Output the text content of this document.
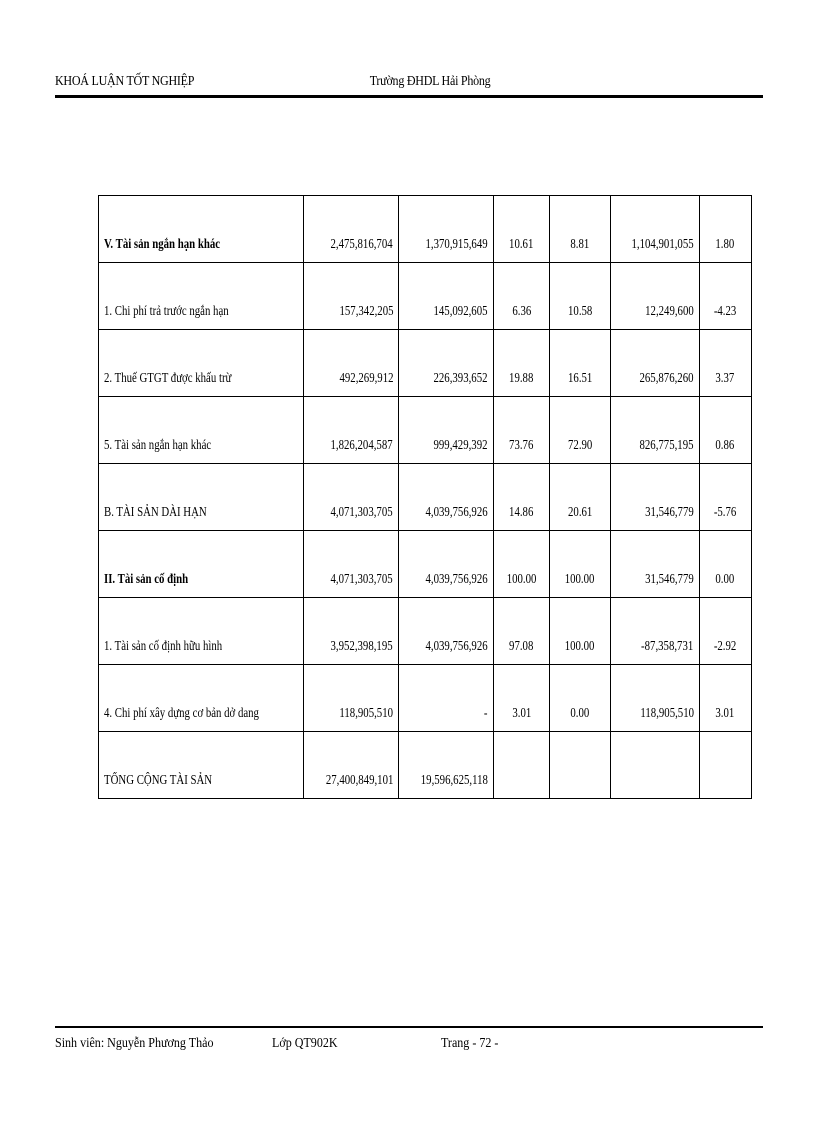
KHOÁ LUẬN TỐT NGHIỆP	Trường ĐHDL Hải Phòng
V. Tài sản ngắn hạn khác	2,475,816,704	1,370,915,649	10.61	8.81	1,104,901,055	1.80
1. Chi phí trả trước ngắn hạn	157,342,205	145,092,605	6.36	10.58	12,249,600	-4.23
2. Thuế GTGT được khấu trừ	492,269,912	226,393,652	19.88	16.51	265,876,260	3.37
5. Tài sản ngắn hạn khác	1,826,204,587	999,429,392	73.76	72.90	826,775,195	0.86
B. TÀI SẢN DÀI HẠN	4,071,303,705	4,039,756,926	14.86	20.61	31,546,779	-5.76
II. Tài sản cố định	4,071,303,705	4,039,756,926	100.00	100.00	31,546,779	0.00
1. Tài sản cố định hữu hình	3,952,398,195	4,039,756,926	97.08	100.00	-87,358,731	-2.92
4. Chi phí xây dựng cơ bản dở dang	118,905,510	-	3.01	0.00	118,905,510	3.01
TỔNG CỘNG TÀI SẢN	27,400,849,101	19,596,625,118				
Sinh viên: Nguyễn Phương Thảo	Lớp QT902K	Trang - 72 -
